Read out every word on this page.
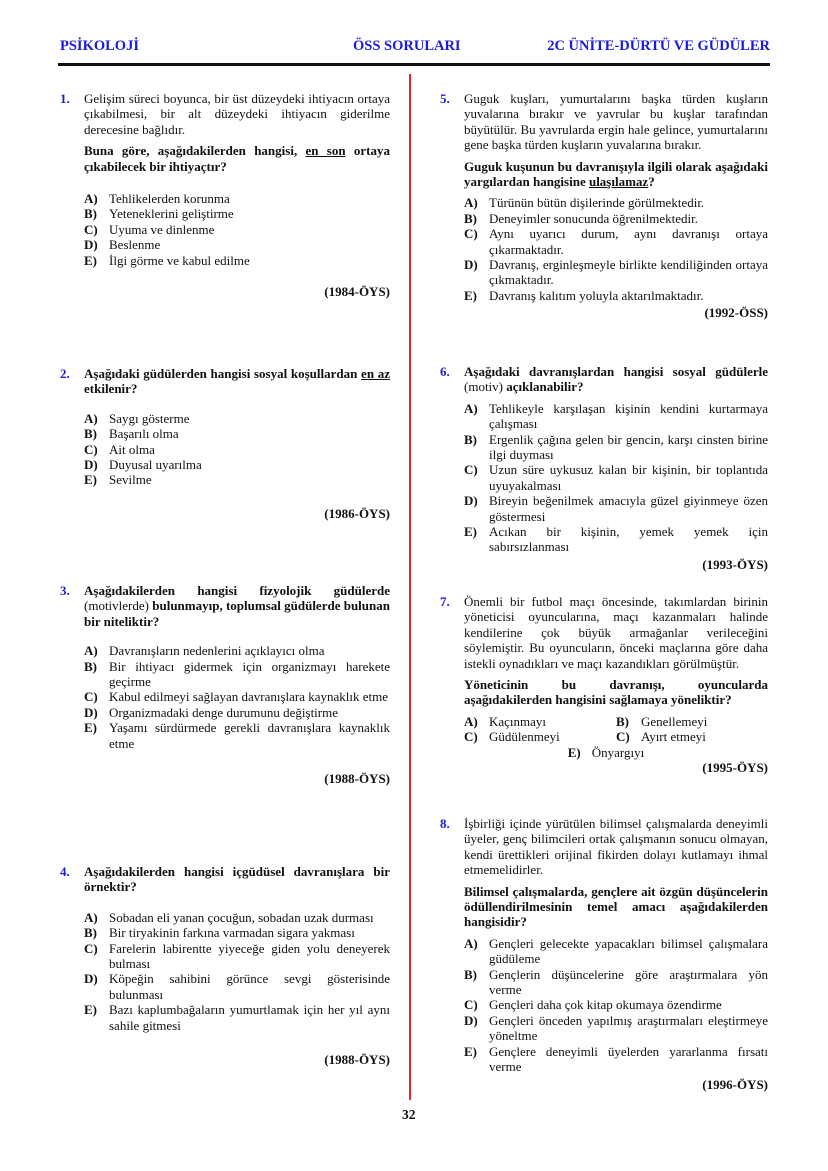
PSİKOLOJİ	ÖSS SORULARI	2C ÜNİTE-DÜRTÜ VE GÜDÜLER
1. Gelişim süreci boyunca, bir üst düzeydeki ihtiyacın ortaya çıkabilmesi, bir alt düzeydeki ihtiyacın giderilme derecesine bağlıdır.

Buna göre, aşağıdakilerden hangisi, en son ortaya çıkabilecek bir ihtiyaçtır?

A) Tehlikelerden korunma
B) Yeteneklerini geliştirme
C) Uyuma ve dinlenme
D) Beslenme
E) İlgi görme ve kabul edilme
(1984-ÖYS)
2. Aşağıdaki güdülerden hangisi sosyal koşullardan en az etkilenir?

A) Saygı gösterme
B) Başarılı olma
C) Ait olma
D) Duyusal uyarılma
E) Sevilme
(1986-ÖYS)
3. Aşağıdakilerden hangisi fizyolojik güdülerde (motivlerde) bulunmayıp, toplumsal güdülerde bulunan bir niteliktir?

A) Davranışların nedenlerini açıklayıcı olma
B) Bir ihtiyacı gidermek için organizmayı harekete geçirme
C) Kabul edilmeyi sağlayan davranışlara kaynaklık etme
D) Organizmadaki denge durumunu değiştirme
E) Yaşamı sürdürmede gerekli davranışlara kaynaklık etme
(1988-ÖYS)
4. Aşağıdakilerden hangisi içgüdüsel davranışlara bir örnektir?

A) Sobadan eli yanan çocuğun, sobadan uzak durması
B) Bir tiryakinin farkına varmadan sigara yakması
C) Farelerin labirentte yiyeceğe giden yolu deneyerek bulması
D) Köpeğin sahibini görünce sevgi gösterisinde bulunması
E) Bazı kaplumbağaların yumurtlamak için her yıl aynı sahile gitmesi
(1988-ÖYS)
5. Guguk kuşları, yumurtalarını başka türden kuşların yuvalarına bırakır ve yavrular bu kuşlar tarafından büyütülür. Bu yavrularda ergin hale gelince, yumurtalarını gene başka türden kuşların yuvalarına bırakır.

Guguk kuşunun bu davranışıyla ilgili olarak aşağıdaki yargılardan hangisine ulaşılamaz?

A) Türünün bütün dişilerinde görülmektedir.
B) Deneyimler sonucunda öğrenilmektedir.
C) Aynı uyarıcı durum, aynı davranışı ortaya çıkarmaktadır.
D) Davranış, erginleşmeyle birlikte kendiliğinden ortaya çıkmaktadır.
E) Davranış kalıtım yoluyla aktarılmaktadır.
(1992-ÖSS)
6. Aşağıdaki davranışlardan hangisi sosyal güdülerle (motiv) açıklanabilir?

A) Tehlikeyle karşılaşan kişinin kendini kurtarmaya çalışması
B) Ergenlik çağına gelen bir gencin, karşı cinsten birine ilgi duyması
C) Uzun süre uykusuz kalan bir kişinin, bir toplantıda uyuyakalması
D) Bireyin beğenilmek amacıyla güzel giyinmeye özen göstermesi
E) Acıkan bir kişinin, yemek yemek için sabırsızlanması
(1993-ÖYS)
7. Önemli bir futbol maçı öncesinde, takımlardan birinin yöneticisi oyuncularına, maçı kazanmaları halinde kendilerine çok büyük armağanlar verileceğini söylemiştir. Bu oyuncuların, önceki maçlarına göre daha istekli oynadıkları ve maçı kazandıkları görülmüştür.

Yöneticinin bu davranışı, oyuncularda aşağıdakilerden hangisini sağlamaya yöneliktir?

A) Kaçınmayı	B) Genellemeyi
C) Güdülenmeyi	C) Ayırt etmeyi
E) Önyargıyı
(1995-ÖYS)
8. İşbirliği içinde yürütülen bilimsel çalışmalarda deneyimli üyeler, genç bilimcileri ortak çalışmanın sonucu olmayan, kendi ürettikleri orijinal fikirden dolayı kutlamayı ihmal etmemelidirler.

Bilimsel çalışmalarda, gençlere ait özgün düşüncelerin ödüllendirilmesinin temel amacı aşağıdakilerden hangisidir?

A) Gençleri gelecekte yapacakları bilimsel çalışmalara güdüleme
B) Gençlerin düşüncelerine göre araştırmalara yön verme
C) Gençleri daha çok kitap okumaya özendirme
D) Gençleri önceden yapılmış araştırmaları eleştirmeye yöneltme
E) Gençlere deneyimli üyelerden yararlanma fırsatı verme
(1996-ÖYS)
32
